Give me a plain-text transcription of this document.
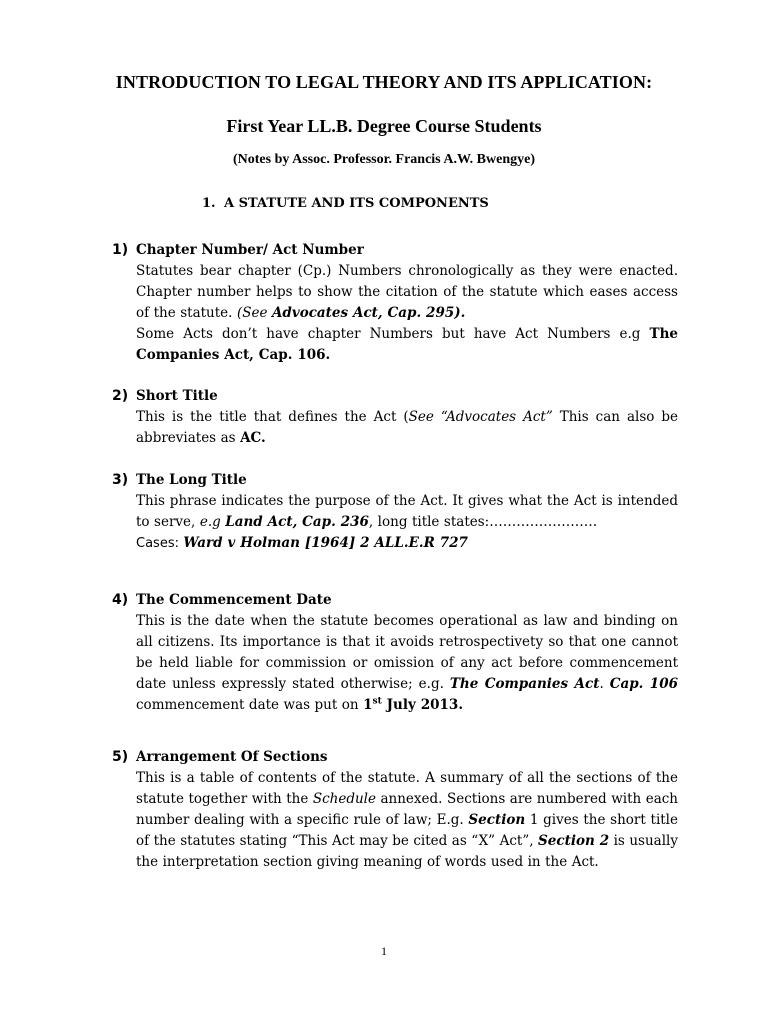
INTRODUCTION TO LEGAL THEORY AND ITS APPLICATION:
First Year LL.B. Degree Course Students

(Notes by Assoc. Professor. Francis A.W. Bwengye)

1. A STATUTE AND ITS COMPONENTS
1) Chapter Number/ Act Number

Statutes bear chapter (Cp.) Numbers chronologically as they were enacted. Chapter number helps to show the citation of the statute which eases access of the statute. (See Advocates Act, Cap. 295).

Some Acts don’t have chapter Numbers but have Act Numbers e.g The Companies Act, Cap. 106.

2) Short Title

This is the title that defines the Act (See “Advocates Act” This can also be abbreviates as AC.

3) The Long Title

This phrase indicates the purpose of the Act. It gives what the Act is intended to serve, e.g Land Act, Cap. 236, long title states:……………………

Cases: Ward v Holman [1964] 2 ALL.E.R 727

4) The Commencement Date

This is the date when the statute becomes operational as law and binding on all citizens. Its importance is that it avoids retrospectivety so that one cannot be held liable for commission or omission of any act before commencement date unless expressly stated otherwise; e.g. The Companies Act. Cap. 106 commencement date was put on 1st July 2013.

5) Arrangement Of Sections

This is a table of contents of the statute. A summary of all the sections of the statute together with the Schedule annexed. Sections are numbered with each number dealing with a specific rule of law; E.g. Section 1 gives the short title of the statutes stating “This Act may be cited as “X” Act”, Section 2 is usually the interpretation section giving meaning of words used in the Act.

1
